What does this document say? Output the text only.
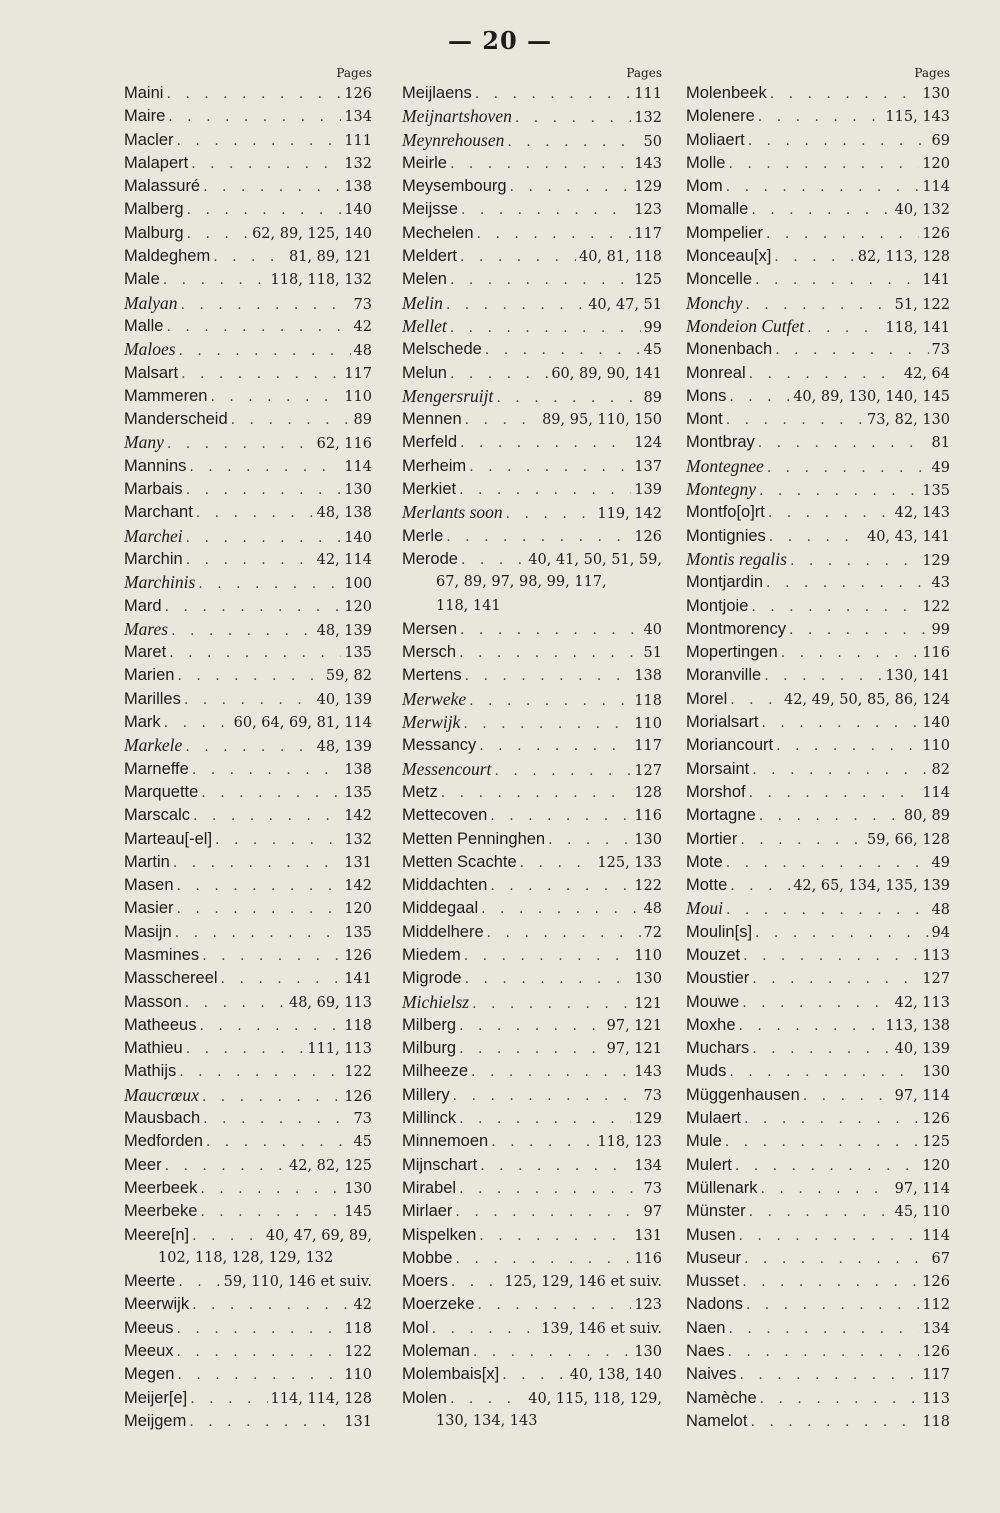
— 20 —
Pages
Maini . . .	126
Maire . . .	134
Macler . . .	111
Malapert . . .	132
Malassuré . . .	138
Malberg . . .	140
Malburg . . .	62, 89, 125, 140
Maldeghem . . .	81, 89, 121
Male . . .	118, 118, 132
Malyan . . .	73
Malle . . .	42
Maloes . . .	48
Malsart . . .	117
Mammeren . . .	110
Manderscheid . . .	89
Many . . .	62, 116
Mannins . . .	114
Marbais . . .	130
Marchant . . .	48, 138
Marchei . . .	140
Marchin . . .	42, 114
Marchinis . . .	100
Mard . . .	120
Mares . . .	48, 139
Maret . . .	135
Marien . . .	59, 82
Marilles . . .	40, 139
Mark . . .	60, 64, 69, 81, 114
Markele . . .	48, 139
Marneffe . . .	138
Marquette . . .	135
Marscalc . . .	142
Marteau[-el] . . .	132
Martin . . .	131
Masen . . .	142
Masier . . .	120
Masijn . . .	135
Masmines . . .	126
Masschereel . . .	141
Masson . . .	48, 69, 113
Matheeus . . .	118
Mathieu . . .	111, 113
Mathijs . . .	122
Maucrœux . . .	126
Mausbach . . .	73
Medforden . . .	45
Meer . . .	42, 82, 125
Meerbeek . . .	130
Meerbeke . . .	145
Meere[n] . . .	40, 47, 69, 89,
102, 118, 128, 129, 132
Meerte . . .	59, 110, 146 et suiv.
Meerwijk . . .	42
Meeus . . .	118
Meeux . . .	122
Megen . . .	110
Meijer[e] . . .	114, 114, 128
Meijgem . . .	131
Pages
Meijlaens . . .	111
Meijnartshoven . . .	132
Meynrehousen . . .	50
Meirle . . .	143
Meysembourg . . .	129
Meijsse . . .	123
Mechelen . . .	117
Meldert . . .	40, 81, 118
Melen . . .	125
Melin . . .	40, 47, 51
Mellet . . .	99
Melschede . . .	45
Melun . . .	60, 89, 90, 141
Mengersruijt . . .	89
Mennen . . .	89, 95, 110, 150
Merfeld . . .	124
Merheim . . .	137
Merkiet . . .	139
Merlants soon . . .	119, 142
Merle . . .	126
Merode . . .	40, 41, 50, 51, 59,
67, 89, 97, 98, 99, 117,
118, 141
Mersen . . .	40
Mersch . . .	51
Mertens . . .	138
Merweke . . .	118
Merwijk . . .	110
Messancy . . .	117
Messencourt . . .	127
Metz . . .	128
Mettecoven . . .	116
Metten Penninghen . . .	130
Metten Scachte . . .	125, 133
Middachten . . .	122
Middegaal . . .	48
Middelhere . . .	72
Miedem . . .	110
Migrode . . .	130
Michielsz . . .	121
Milberg . . .	97, 121
Milburg . . .	97, 121
Milheeze . . .	143
Millery . . .	73
Millinck . . .	129
Minnemoen . . .	118, 123
Mijnschart . . .	134
Mirabel . . .	73
Mirlaer . . .	97
Mispelken . . .	131
Mobbe . . .	116
Moers . . .	125, 129, 146 et suiv.
Moerzeke . . .	123
Mol . . .	139, 146 et suiv.
Moleman . . .	130
Molembais[x] . . .	40, 138, 140
Molen . . .	40, 115, 118, 129,
130, 134, 143
Pages
Molenbeek . . .	130
Molenere . . .	115, 143
Moliaert . . .	69
Molle . . .	120
Mom . . .	114
Momalle . . .	40, 132
Mompelier . . .	126
Monceau[x] . . .	82, 113, 128
Moncelle . . .	141
Monchy . . .	51, 122
Mondeion Cutfet . . .	118, 141
Monenbach . . .	73
Monreal . . .	42, 64
Mons . . .	40, 89, 130, 140, 145
Mont . . .	73, 82, 130
Montbray . . .	81
Montegnee . . .	49
Montegny . . .	135
Montfo[o]rt . . .	42, 143
Montignies . . .	40, 43, 141
Montis regalis . . .	129
Montjardin . . .	43
Montjoie . . .	122
Montmorency . . .	99
Mopertingen . . .	116
Moranville . . .	130, 141
Morel . . .	42, 49, 50, 85, 86, 124
Morialsart . . .	140
Moriancourt . . .	110
Morsaint . . .	82
Morshof . . .	114
Mortagne . . .	80, 89
Mortier . . .	59, 66, 128
Mote . . .	49
Motte . . .	42, 65, 134, 135, 139
Moui . . .	48
Moulin[s] . . .	94
Mouzet . . .	113
Moustier . . .	127
Mouwe . . .	42, 113
Moxhe . . .	113, 138
Muchars . . .	40, 139
Muds . . .	130
Müggenhausen . . .	97, 114
Mulaert . . .	126
Mule . . .	125
Mulert . . .	120
Müllenark . . .	97, 114
Münster . . .	45, 110
Musen . . .	114
Museur . . .	67
Musset . . .	126
Nadons . . .	112
Naen . . .	134
Naes . . .	126
Naives . . .	117
Namèche . . .	113
Namelot . . .	118
